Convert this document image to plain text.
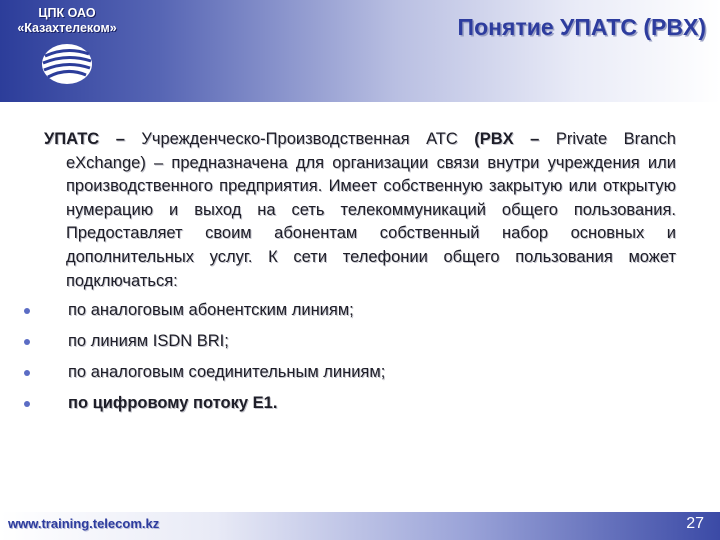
ЦПК ОАО
«Казахтелеком»	Понятие УПАТС (PBX)

УПАТС – Учрежденческо-Производственная АТС (PBX – Private Branch eXchange) – предназначена для организации связи внутри учреждения или производственного предприятия. Имеет собственную закрытую или открытую нумерацию и выход на сеть телекоммуникаций общего пользования. Предоставляет своим абонентам собственный набор основных и дополнительных услуг. К сети телефонии общего пользования может подключаться:

по аналоговым абонентским линиям;
по линиям ISDN BRI;
по аналоговым соединительным линиям;
по цифровому потоку Е1.
www.training.telecom.kz	27
